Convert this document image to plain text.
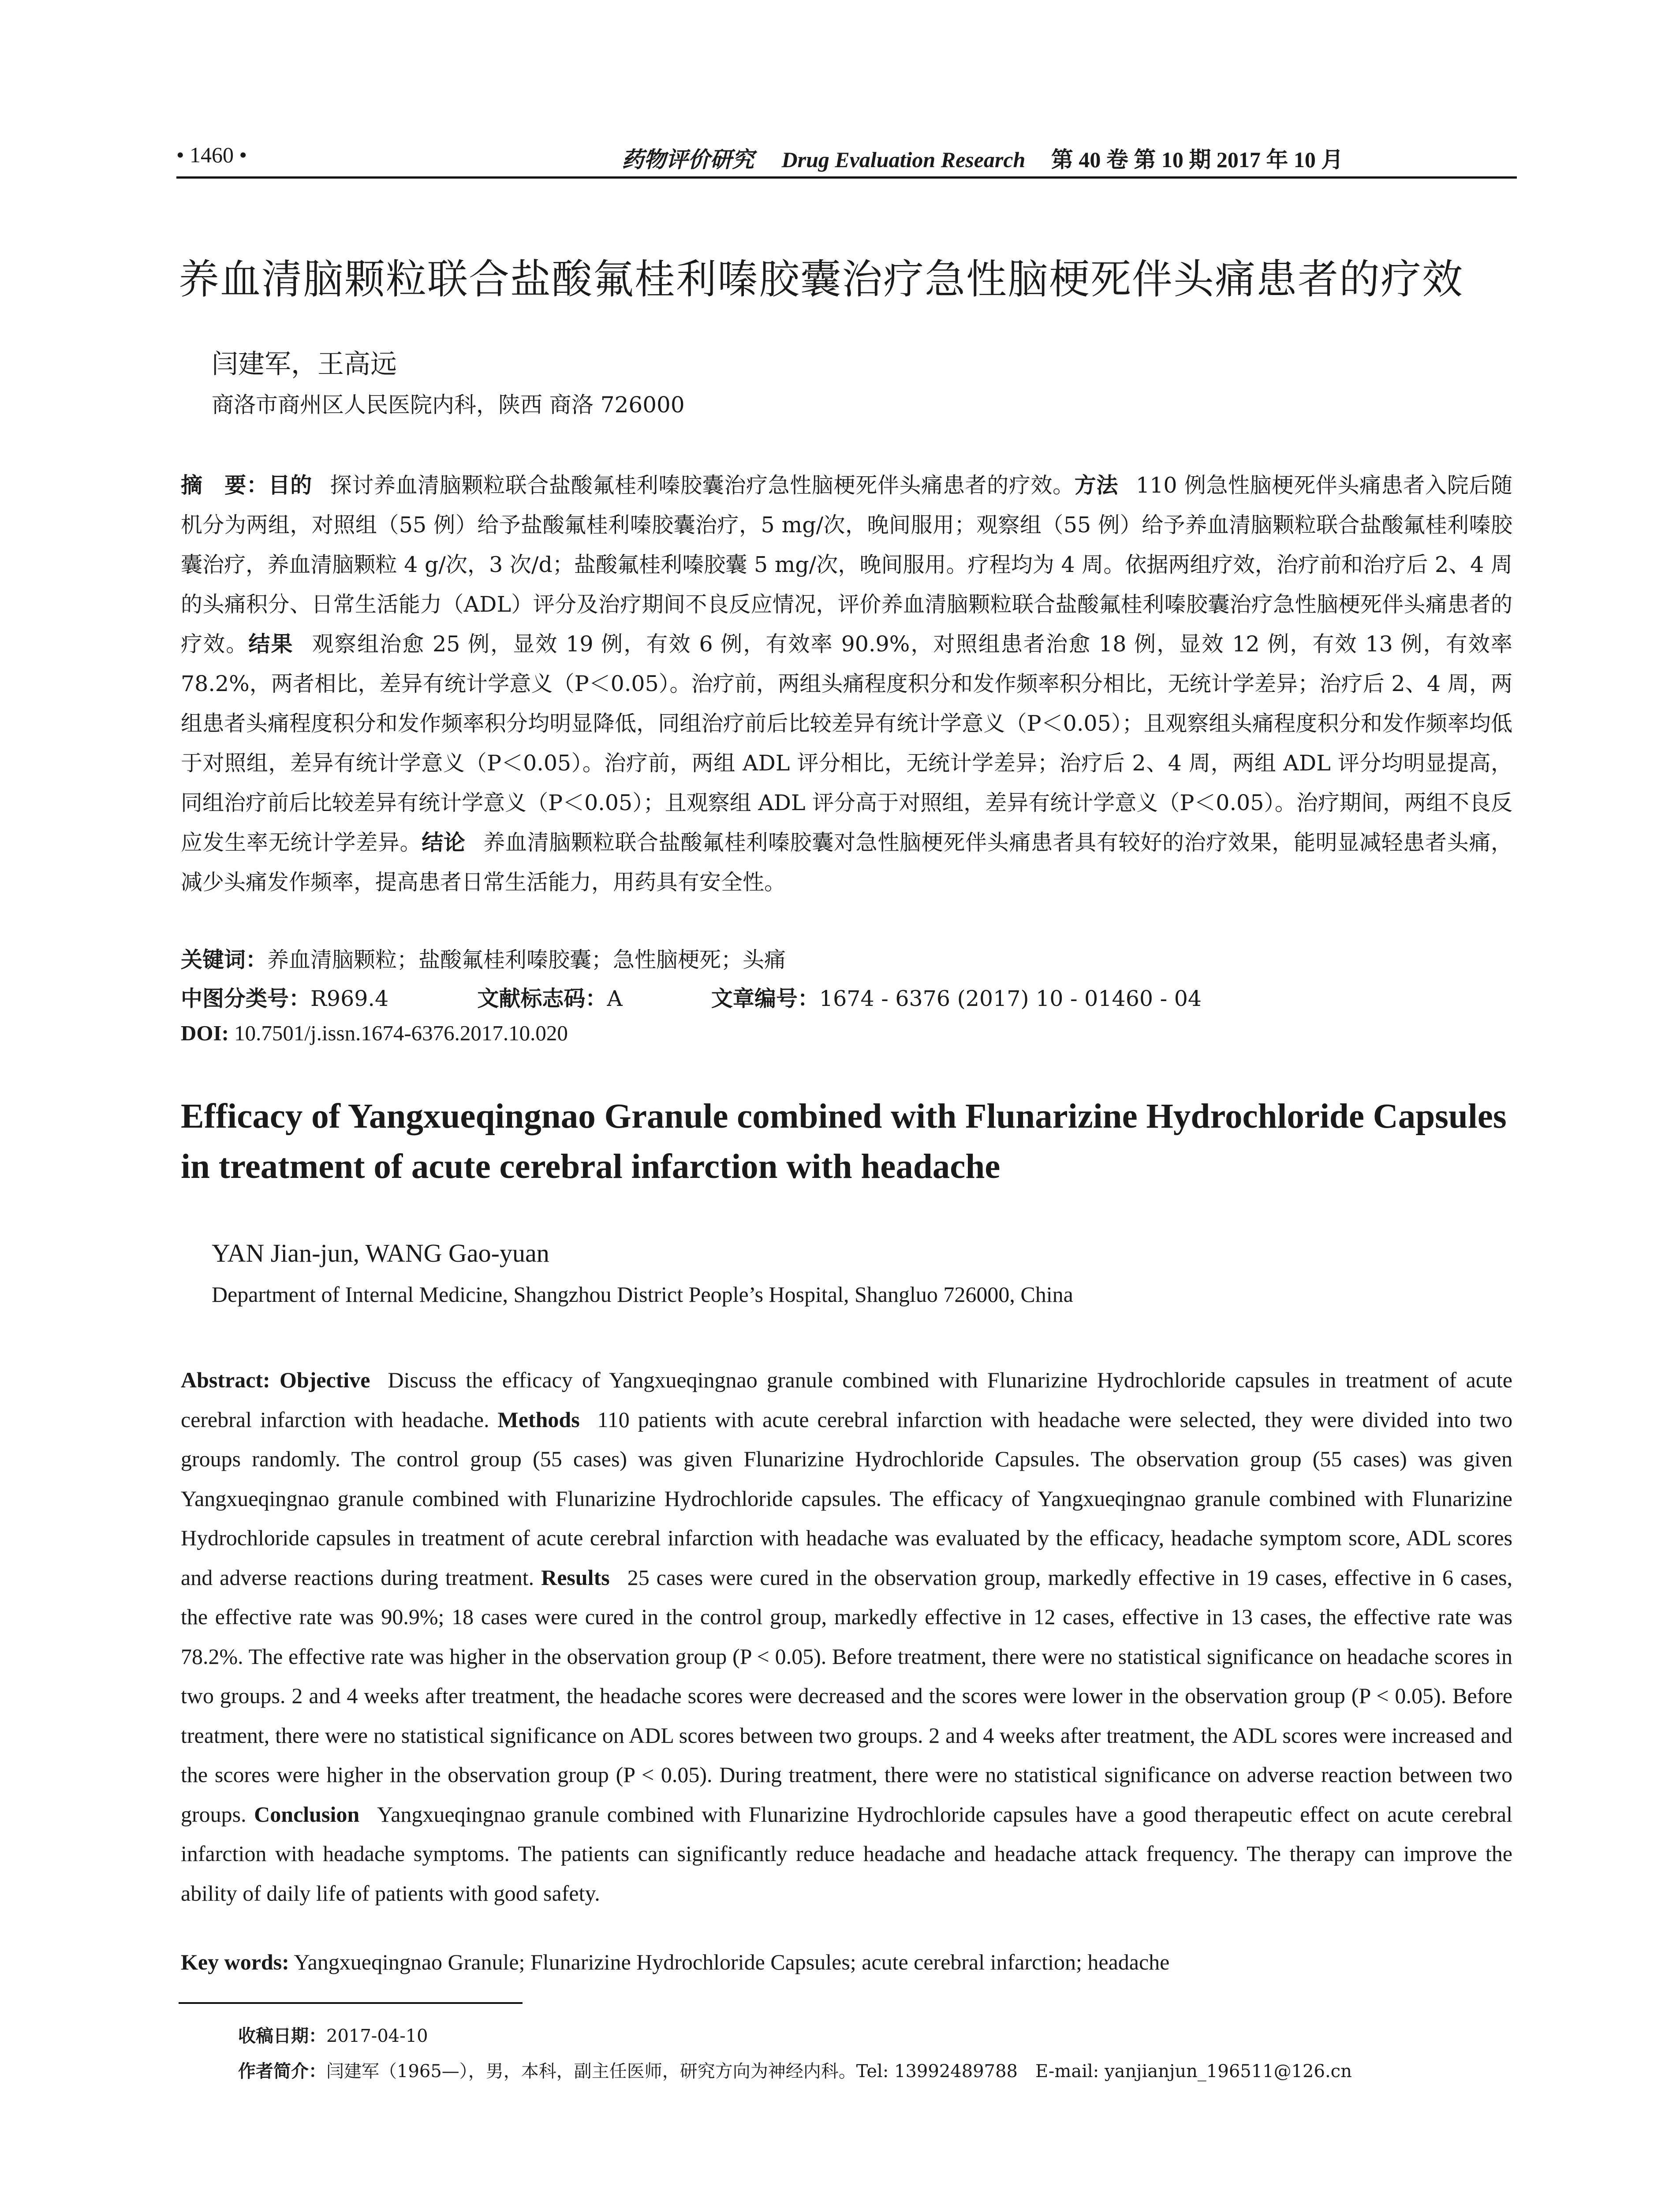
• 1460 •	药物评价研究 Drug Evaluation Research 第 40 卷 第 10 期 2017 年 10 月
养血清脑颗粒联合盐酸氟桂利嗪胶囊治疗急性脑梗死伴头痛患者的疗效
闫建军，王高远
商洛市商州区人民医院内科，陕西 商洛 726000
摘　要：目的 探讨养血清脑颗粒联合盐酸氟桂利嗪胶囊治疗急性脑梗死伴头痛患者的疗效。方法 110 例急性脑梗死伴头痛患者入院后随机分为两组，对照组（55 例）给予盐酸氟桂利嗪胶囊治疗，5 mg/次，晚间服用；观察组（55 例）给予养血清脑颗粒联合盐酸氟桂利嗪胶囊治疗，养血清脑颗粒 4 g/次，3 次/d；盐酸氟桂利嗪胶囊 5 mg/次，晚间服用。疗程均为 4 周。依据两组疗效，治疗前和治疗后 2、4 周的头痛积分、日常生活能力（ADL）评分及治疗期间不良反应情况，评价养血清脑颗粒联合盐酸氟桂利嗪胶囊治疗急性脑梗死伴头痛患者的疗效。结果 观察组治愈 25 例，显效 19 例，有效 6 例，有效率 90.9%，对照组患者治愈 18 例，显效 12 例，有效 13 例，有效率 78.2%，两者相比，差异有统计学意义（P＜0.05）。治疗前，两组头痛程度积分和发作频率积分相比，无统计学差异；治疗后 2、4 周，两组患者头痛程度积分和发作频率积分均明显降低，同组治疗前后比较差异有统计学意义（P＜0.05）；且观察组头痛程度积分和发作频率均低于对照组，差异有统计学意义（P＜0.05）。治疗前，两组 ADL 评分相比，无统计学差异；治疗后 2、4 周，两组 ADL 评分均明显提高，同组治疗前后比较差异有统计学意义（P＜0.05）；且观察组 ADL 评分高于对照组，差异有统计学意义（P＜0.05）。治疗期间，两组不良反应发生率无统计学差异。结论 养血清脑颗粒联合盐酸氟桂利嗪胶囊对急性脑梗死伴头痛患者具有较好的治疗效果，能明显减轻患者头痛，减少头痛发作频率，提高患者日常生活能力，用药具有安全性。
关键词：养血清脑颗粒；盐酸氟桂利嗪胶囊；急性脑梗死；头痛
中图分类号：R969.4	文献标志码：A	文章编号：1674 - 6376 (2017) 10 - 01460 - 04
DOI: 10.7501/j.issn.1674-6376.2017.10.020
Efficacy of Yangxueqingnao Granule combined with Flunarizine Hydrochloride Capsules in treatment of acute cerebral infarction with headache
YAN Jian-jun, WANG Gao-yuan
Department of Internal Medicine, Shangzhou District People’s Hospital, Shangluo 726000, China
Abstract: Objective Discuss the efficacy of Yangxueqingnao granule combined with Flunarizine Hydrochloride capsules in treatment of acute cerebral infarction with headache. Methods 110 patients with acute cerebral infarction with headache were selected, they were divided into two groups randomly. The control group (55 cases) was given Flunarizine Hydrochloride Capsules. The observation group (55 cases) was given Yangxueqingnao granule combined with Flunarizine Hydrochloride capsules. The efficacy of Yangxueqingnao granule combined with Flunarizine Hydrochloride capsules in treatment of acute cerebral infarction with headache was evaluated by the efficacy, headache symptom score, ADL scores and adverse reactions during treatment. Results 25 cases were cured in the observation group, markedly effective in 19 cases, effective in 6 cases, the effective rate was 90.9%; 18 cases were cured in the control group, markedly effective in 12 cases, effective in 13 cases, the effective rate was 78.2%. The effective rate was higher in the observation group (P < 0.05). Before treatment, there were no statistical significance on headache scores in two groups. 2 and 4 weeks after treatment, the headache scores were decreased and the scores were lower in the observation group (P < 0.05). Before treatment, there were no statistical significance on ADL scores between two groups. 2 and 4 weeks after treatment, the ADL scores were increased and the scores were higher in the observation group (P < 0.05). During treatment, there were no statistical significance on adverse reaction between two groups. Conclusion Yangxueqingnao granule combined with Flunarizine Hydrochloride capsules have a good therapeutic effect on acute cerebral infarction with headache symptoms. The patients can significantly reduce headache and headache attack frequency. The therapy can improve the ability of daily life of patients with good safety.
Key words: Yangxueqingnao Granule; Flunarizine Hydrochloride Capsules; acute cerebral infarction; headache
收稿日期：2017-04-10
作者简介：闫建军（1965—），男，本科，副主任医师，研究方向为神经内科。Tel: 13992489788　E-mail: yanjianjun_196511@126.cn
